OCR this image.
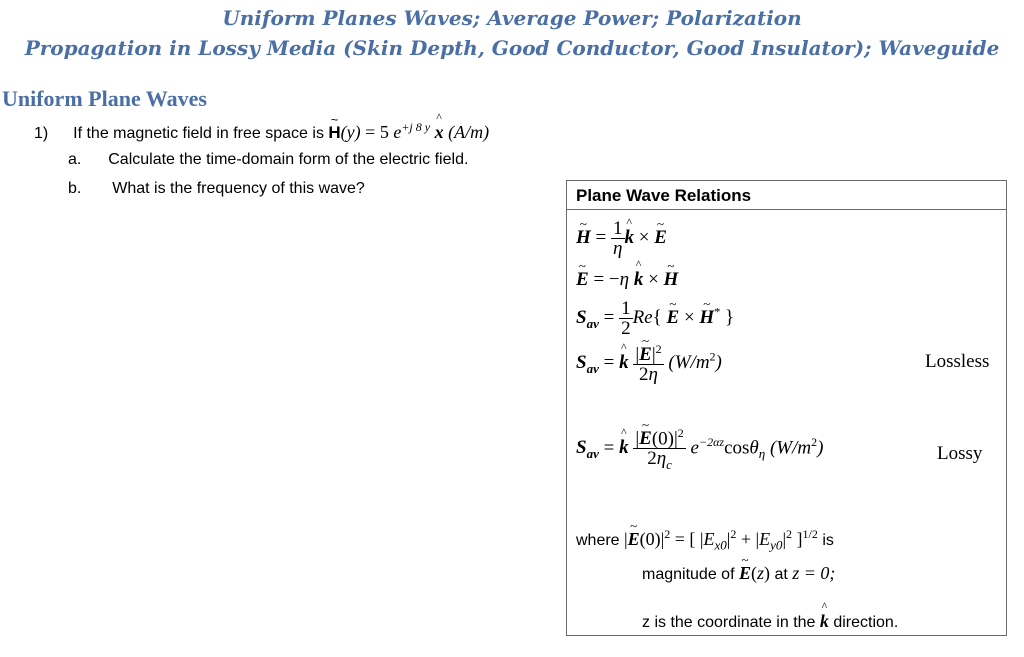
Uniform Planes Waves; Average Power; Polarization
Propagation in Lossy Media (Skin Depth, Good Conductor, Good Insulator); Waveguide
Uniform Plane Waves
1) If the magnetic field in free space is H
~
(y) = 5 $e^{+j 8 y}$ x
^
(A/m)
a. Calculate the time-domain form of the electric field.
b. What is the frequency of this wave?	Plane Wave Relations
H
~
= $\frac{1}{\eta}$ k
^
× E
~
E
~
= −η k
^
× H
~
$S_{av} = \frac{1}{2} Re${ E
~
× H
~
* }
$S_{av} = k$
^
|E
~
$|^2$
2η $(W/m^2)$	Lossless
$S_{av} = k$
^
|E
~
$(0)|^2$
$2\eta_c$ $e^{-2\alpha z}\cos\theta_\eta$ $(W/m^2)$	Lossy
where |E
~
$(0)|^2$ = [ $|E_{x0}|^2 + |E_{y0}|^2$ ]$^{1/2}$ is
magnitude of E
~
(z) at z = 0;
z is the coordinate in the k
^
direction.
